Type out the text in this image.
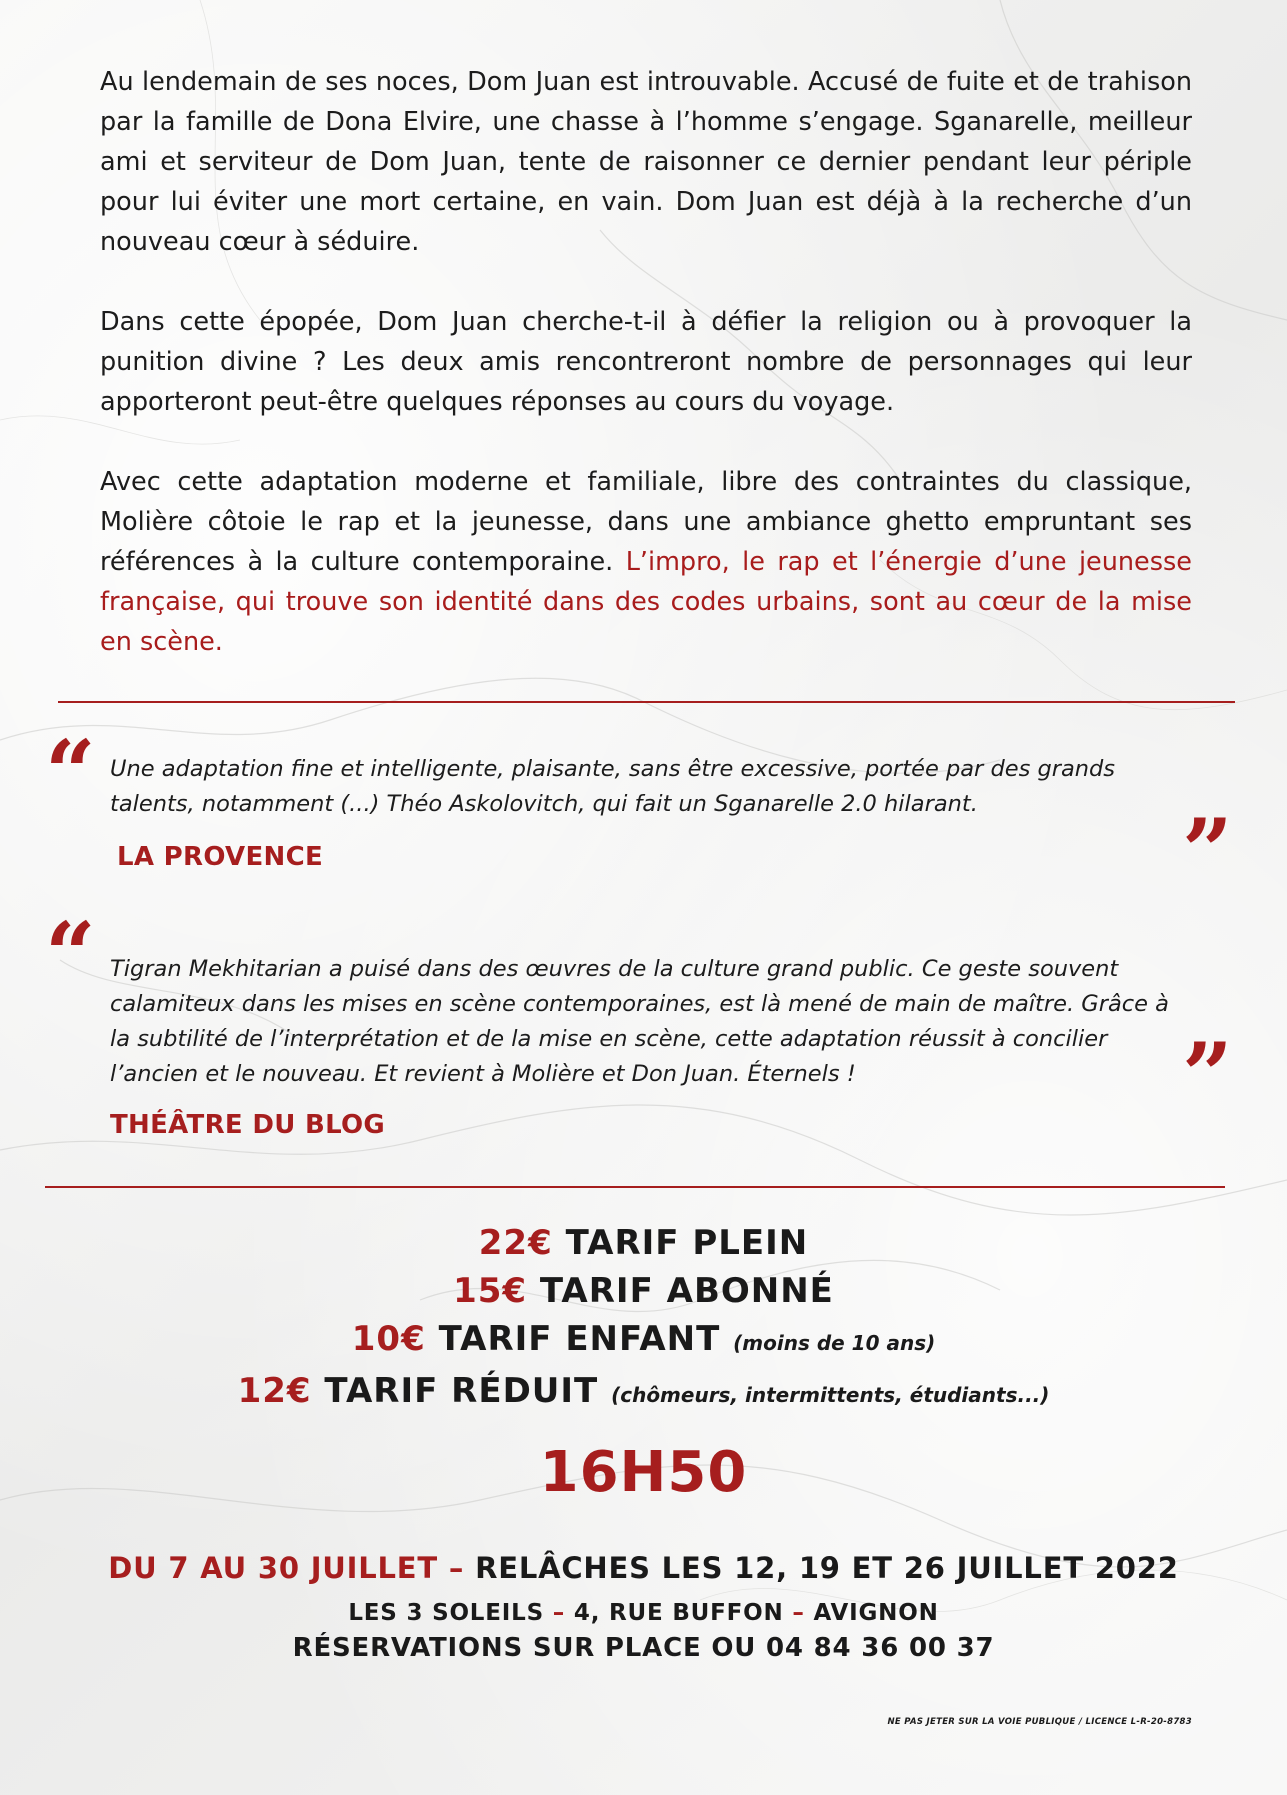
Au lendemain de ses noces, Dom Juan est introuvable. Accusé de fuite et de trahison par la famille de Dona Elvire, une chasse à l’homme s’engage. Sganarelle, meilleur ami et serviteur de Dom Juan, tente de raisonner ce dernier pendant leur périple pour lui éviter une mort certaine, en vain. Dom Juan est déjà à la recherche d’un nouveau cœur à séduire.
Dans cette épopée, Dom Juan cherche-t-il à défier la religion ou à provoquer la punition divine ? Les deux amis rencontreront nombre de personnages qui leur apporteront peut-être quelques réponses au cours du voyage.
Avec cette adaptation moderne et familiale, libre des contraintes du classique, Molière côtoie le rap et la jeunesse, dans une ambiance ghetto empruntant ses références à la culture contemporaine. L’impro, le rap et l’énergie d’une jeunesse française, qui trouve son identité dans des codes urbains, sont au cœur de la mise en scène.
“ Une adaptation fine et intelligente, plaisante, sans être excessive, portée par des grands talents, notamment (...) Théo Askolovitch, qui fait un Sganarelle 2.0 hilarant.	”
LA PROVENCE
“ Tigran Mekhitarian a puisé dans des œuvres de la culture grand public. Ce geste souvent calamiteux dans les mises en scène contemporaines, est là mené de main de maître. Grâce à la subtilité de l’interprétation et de la mise en scène, cette adaptation réussit à concilier l’ancien et le nouveau. Et revient à Molière et Don Juan. Éternels !	”
THÉÂTRE DU BLOG
22€ TARIF PLEIN
15€ TARIF ABONNÉ
10€ TARIF ENFANT (moins de 10 ans)
12€ TARIF RÉDUIT (chômeurs, intermittents, étudiants...)
16H50
DU 7 AU 30 JUILLET – RELÂCHES LES 12, 19 ET 26 JUILLET 2022
LES 3 SOLEILS – 4, RUE BUFFON – AVIGNON
RÉSERVATIONS SUR PLACE OU 04 84 36 00 37
NE PAS JETER SUR LA VOIE PUBLIQUE / LICENCE L-R-20-8783
